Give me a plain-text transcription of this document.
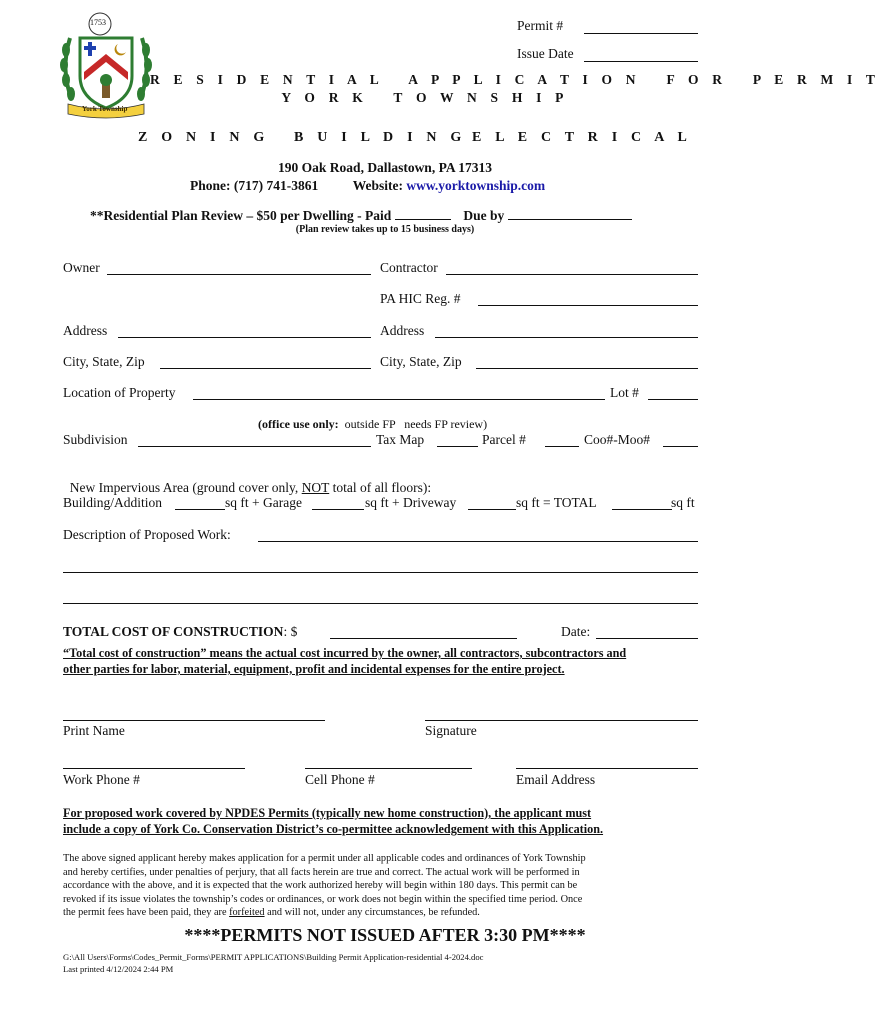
1753
York Township
Permit #
Issue Date
R E S I D E N T I A L   A P P L I C A T I O N   F O R   P E R M I T
Y O R K   T O W N S H I P
Z O N I N G B U I L D I N G E L E C T R I C A L
190 Oak Road, Dallastown, PA 17313
Phone: (717) 741-3861	Website: www.yorktownship.com
**Residential Plan Review – $50 per Dwelling - Paid	Due by
(Plan review takes up to 15 business days)
Owner	Contractor
PA HIC Reg. #
Address	Address
City, State, Zip	City, State, Zip
Location of Property	Lot #

(office use only:  outside FP   needs FP review)

Subdivision	Tax Map	Parcel #	Coo#-Moo#

New Impervious Area (ground cover only, NOT total of all floors):

Building/Addition	sq ft + Garage	sq ft + Driveway	sq ft = TOTAL	sq ft
Description of Proposed Work:
TOTAL COST OF CONSTRUCTION: $	Date:
“Total cost of construction” means the actual cost incurred by the owner, all contractors, subcontractors and
other parties for labor, material, equipment, profit and incidental expenses for the entire project.
Print Name	Signature
Work Phone #	Cell Phone #	Email Address
For proposed work covered by NPDES Permits (typically new home construction), the applicant must
include a copy of York Co. Conservation District’s co-permittee acknowledgement with this Application.
The above signed applicant hereby makes application for a permit under all applicable codes and ordinances of York Township
and hereby certifies, under penalties of perjury, that all facts herein are true and correct. The actual work will be performed in
accordance with the above, and it is expected that the work authorized hereby will begin within 180 days. This permit can be
revoked if its issue violates the township’s codes or ordinances, or work does not begin within the specified time period. Once
the permit fees have been paid, they are forfeited and will not, under any circumstances, be refunded.
****PERMITS NOT ISSUED AFTER 3:30 PM****
G:\All Users\Forms\Codes_Permit_Forms\PERMIT APPLICATIONS\Building Permit Application-residential 4-2024.doc
Last printed 4/12/2024 2:44 PM
